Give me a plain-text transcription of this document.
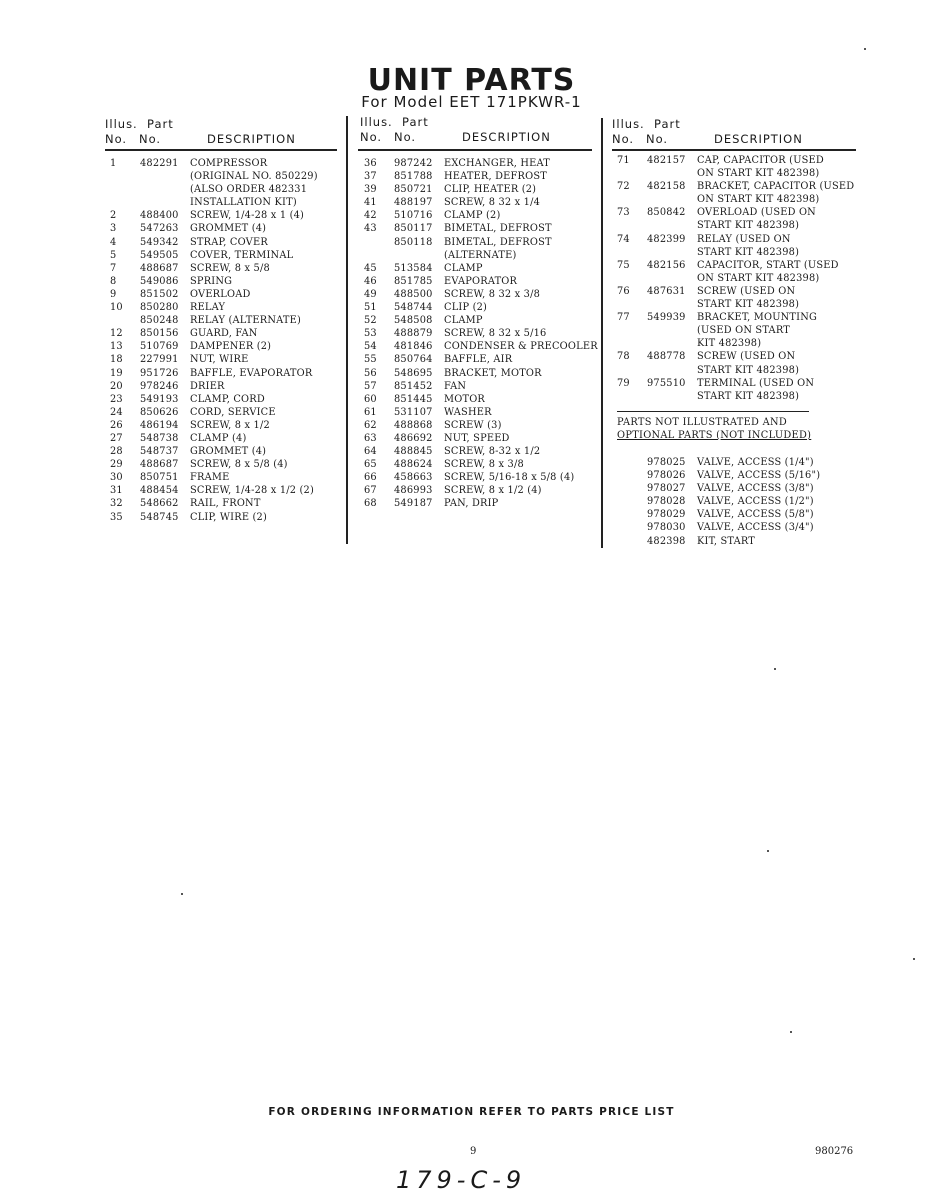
UNIT PARTS
For Model EET 171PKWR-1
Illus. Part
No.	No.	DESCRIPTION
Illus. Part
No.	No.	DESCRIPTION
Illus. Part
No.	No.	DESCRIPTION
1	482291	COMPRESSOR
(ORIGINAL NO. 850229)
(ALSO ORDER 482331
INSTALLATION KIT)
2	488400	SCREW, 1/4-28 x 1 (4)
3	547263	GROMMET (4)
4	549342	STRAP, COVER
5	549505	COVER, TERMINAL
7	488687	SCREW, 8 x 5/8
8	549086	SPRING
9	851502	OVERLOAD
10	850280	RELAY
850248	RELAY (ALTERNATE)
12	850156	GUARD, FAN
13	510769	DAMPENER (2)
18	227991	NUT, WIRE
19	951726	BAFFLE, EVAPORATOR
20	978246	DRIER
23	549193	CLAMP, CORD
24	850626	CORD, SERVICE
26	486194	SCREW, 8 x 1/2
27	548738	CLAMP (4)
28	548737	GROMMET (4)
29	488687	SCREW, 8 x 5/8 (4)
30	850751	FRAME
31	488454	SCREW, 1/4-28 x 1/2 (2)
32	548662	RAIL, FRONT
35	548745	CLIP, WIRE (2)
36	987242	EXCHANGER, HEAT
37	851788	HEATER, DEFROST
39	850721	CLIP, HEATER (2)
41	488197	SCREW, 8 32 x 1/4
42	510716	CLAMP (2)
43	850117	BIMETAL, DEFROST
850118	BIMETAL, DEFROST
(ALTERNATE)
45	513584	CLAMP
46	851785	EVAPORATOR
49	488500	SCREW, 8 32 x 3/8
51	548744	CLIP (2)
52	548508	CLAMP
53	488879	SCREW, 8 32 x 5/16
54	481846	CONDENSER & PRECOOLER
55	850764	BAFFLE, AIR
56	548695	BRACKET, MOTOR
57	851452	FAN
60	851445	MOTOR
61	531107	WASHER
62	488868	SCREW (3)
63	486692	NUT, SPEED
64	488845	SCREW, 8-32 x 1/2
65	488624	SCREW, 8 x 3/8
66	458663	SCREW, 5/16-18 x 5/8 (4)
67	486993	SCREW, 8 x 1/2 (4)
68	549187	PAN, DRIP
71	482157	CAP, CAPACITOR (USED
ON START KIT 482398)
72	482158	BRACKET, CAPACITOR (USED
ON START KIT 482398)
73	850842	OVERLOAD (USED ON
START KIT 482398)
74	482399	RELAY (USED ON
START KIT 482398)
75	482156	CAPACITOR, START (USED
ON START KIT 482398)
76	487631	SCREW (USED ON
START KIT 482398)
77	549939	BRACKET, MOUNTING
(USED ON START
KIT 482398)
78	488778	SCREW (USED ON
START KIT 482398)
79	975510	TERMINAL (USED ON
START KIT 482398)
PARTS NOT ILLUSTRATED AND
OPTIONAL PARTS (NOT INCLUDED)
978025	VALVE, ACCESS (1/4")
978026	VALVE, ACCESS (5/16")
978027	VALVE, ACCESS (3/8")
978028	VALVE, ACCESS (1/2")
978029	VALVE, ACCESS (5/8")
978030	VALVE, ACCESS (3/4")
482398	KIT, START
FOR ORDERING INFORMATION REFER TO PARTS PRICE LIST
9	980276
179-C-9
